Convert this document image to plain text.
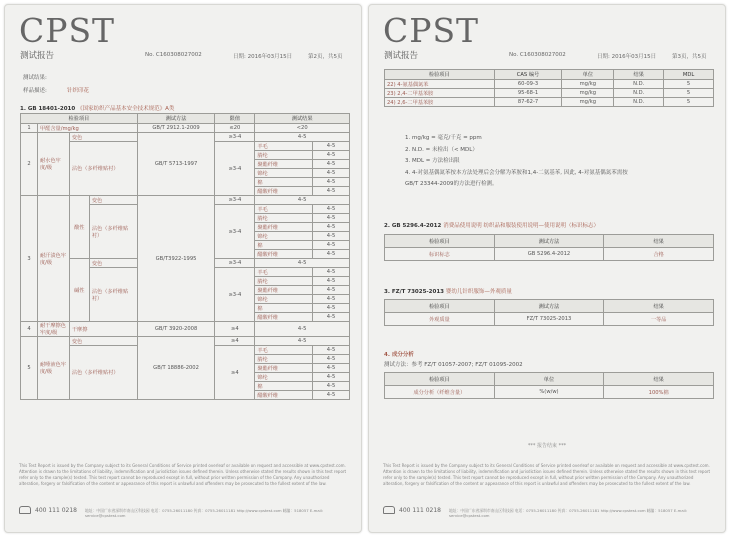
CPST
测试报告	No. C160308027002	日期: 2016年03月15日	第2页，共5页
测试结果:
样品描述:	针织印花
1. GB 18401-2010 《国家纺织产品基本安全技术规范》A类
检验项目				测试方法	限值	测试结果	
1	甲醛含量/mg/kg			GB/T 2912.1-2009	≤20	<20	
2	耐水色牢度/级	变色		GB/T 5713-1997	≥3-4	4-5	
		沾色（多纤维贴衬）			≥3-4	羊毛	4-5
						腈纶	4-5
						聚酯纤维	4-5
						锦纶	4-5
						棉	4-5
						醋酸纤维	4-5
3	耐汗渍色牢度/级	酸性	变色	GB/T3922-1995	≥3-4	4-5	
			沾色（多纤维贴衬）		≥3-4	羊毛	4-5
						腈纶	4-5
						聚酯纤维	4-5
						锦纶	4-5
						棉	4-5
						醋酸纤维	4-5
		碱性	变色		≥3-4	4-5	
			沾色（多纤维贴衬）		≥3-4	羊毛	4-5
						腈纶	4-5
						聚酯纤维	4-5
						锦纶	4-5
						棉	4-5
						醋酸纤维	4-5
4	耐干摩擦色牢度/级	干摩擦		GB/T 3920-2008	≥4	4-5	
5	耐唾液色牢度/级	变色		GB/T 18886-2002	≥4	4-5	
		沾色（多纤维贴衬）			≥4	羊毛	4-5
						腈纶	4-5
						聚酯纤维	4-5
						锦纶	4-5
						棉	4-5
						醋酸纤维	4-5
This Test Report is issued by the Company subject to its General Conditions of Service printed overleaf or available on request and accessible at www.cpstest.com. Attention is drawn to the limitations of liability, indemnification and jurisdiction issues defined therein. Unless otherwise stated the results shown in this test report refer only to the sample(s) tested. This test report cannot be reproduced except in full, without prior written permission of the Company. Any unauthorized alteration, forgery or falsification of the content or appearance of this report is unlawful and offenders may be prosecuted to the fullest extent of the law.
400 111 0218 地址：中国广东省深圳市南山区科技园 电话：0755-26011180 传真：0755-26011181 http://www.cpstest.com 邮编：518057 E-mail: service@cpstest.com
CPST
测试报告	No. C160308027002	日期: 2016年03月15日	第3页，共5页
检验项目	CAS 编号	单位	结果	MDL
22) 4-氨基偶氮苯	60-09-3	mg/kg	N.D.	5
23) 2,4-二甲基苯胺	95-68-1	mg/kg	N.D.	5
24) 2,6-二甲基苯胺	87-62-7	mg/kg	N.D.	5
1. mg/kg = 毫克/千克 = ppm
2. N.D. = 未检出（< MDL）
3. MDL = 方法检出限
4. 4-对氨基偶氮苯按本方法处理后会分解为苯胺和1,4-二氨基苯, 因此, 4-对氨基偶氮苯需按
GB/T 23344-2009的方法进行检测。
2. GB 5296.4-2012 消费品使用说明 纺织品和服装使用说明—使用说明（标识标志）
检验项目	测试方法	结果
标识标志	GB 5296.4-2012	合格
3. FZ/T 73025-2013 婴幼儿针织服饰—外观质量
检验项目	测试方法	结果
外观质量	FZ/T 73025-2013	一等品
4. 成分分析
测试方法：参考 FZ/T 01057-2007; FZ/T 01095-2002
检验项目	单位	结果
成分分析（纤维含量）	%(w/w)	100%棉
*** 报告结束 ***
This Test Report is issued by the Company subject to its General Conditions of Service printed overleaf or available on request and accessible at www.cpstest.com. Attention is drawn to the limitations of liability, indemnification and jurisdiction issues defined therein. Unless otherwise stated the results shown in this test report refer only to the sample(s) tested. This test report cannot be reproduced except in full, without prior written permission of the Company. Any unauthorized alteration, forgery or falsification of the content or appearance of this report is unlawful and offenders may be prosecuted to the fullest extent of the law.
400 111 0218 地址：中国广东省深圳市南山区科技园 电话：0755-26011180 传真：0755-26011181 http://www.cpstest.com 邮编：518057 E-mail: service@cpstest.com
